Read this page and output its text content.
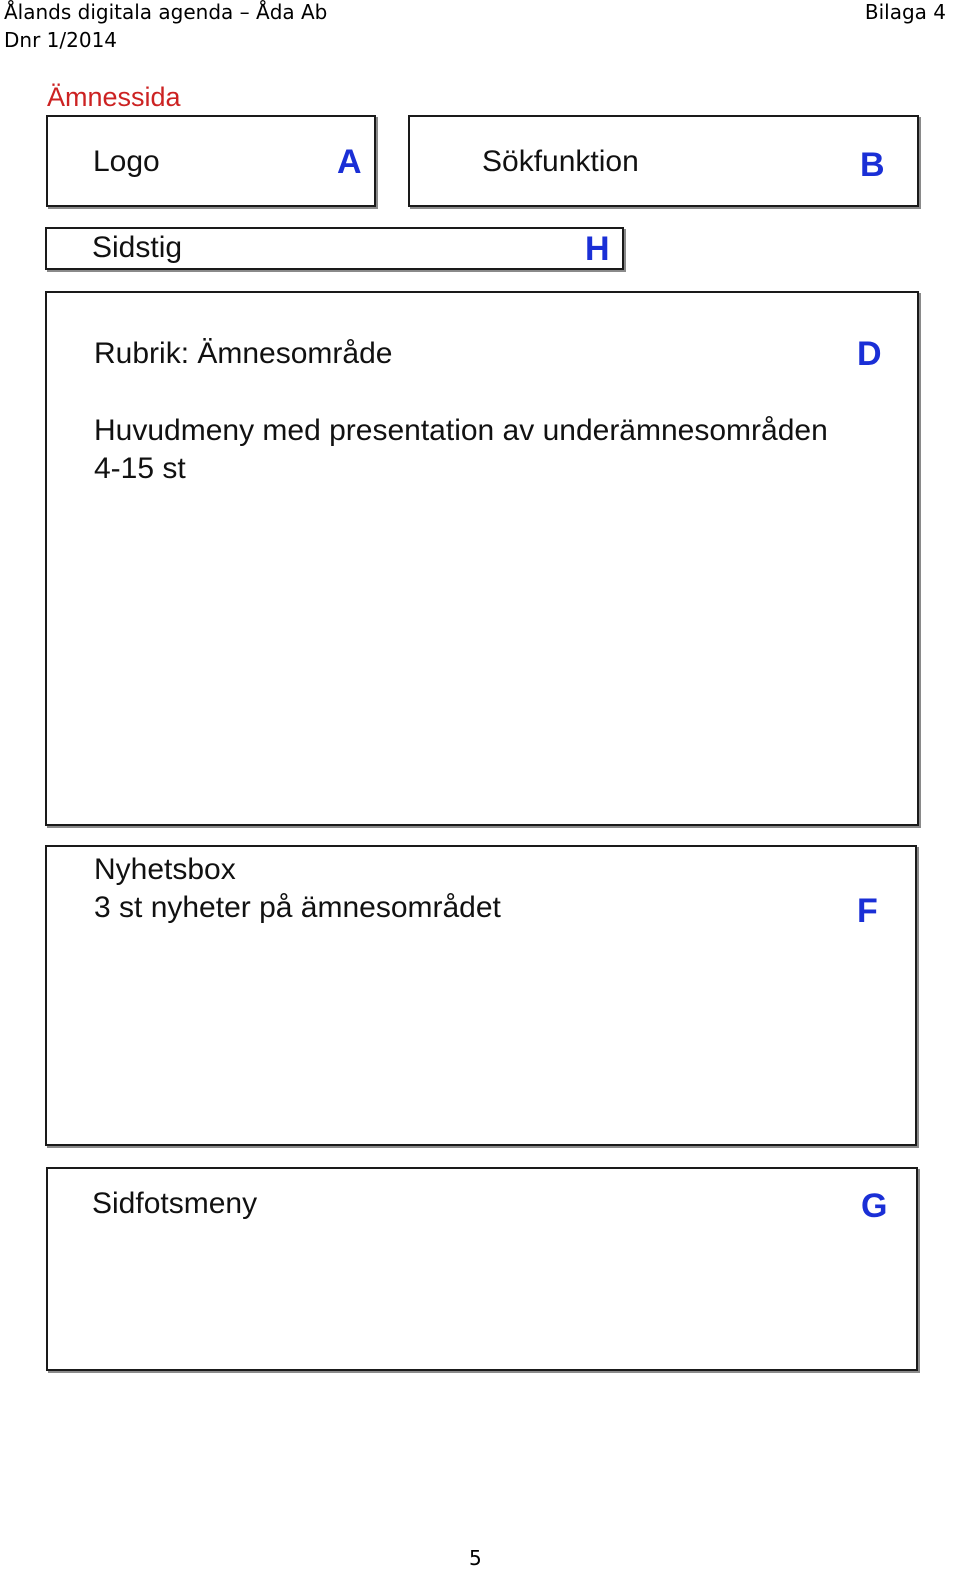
Ålands digitala agenda – Åda Ab
Dnr 1/2014
Bilaga 4
Ämnessida
Logo	A	Sökfunktion	B
Sidstig	H
Rubrik: Ämnesområde	D
Huvudmeny med presentation av underämnesområden
4-15 st
Nyhetsbox
3 st nyheter på ämnesområdet	F
Sidfotsmeny	G
5
